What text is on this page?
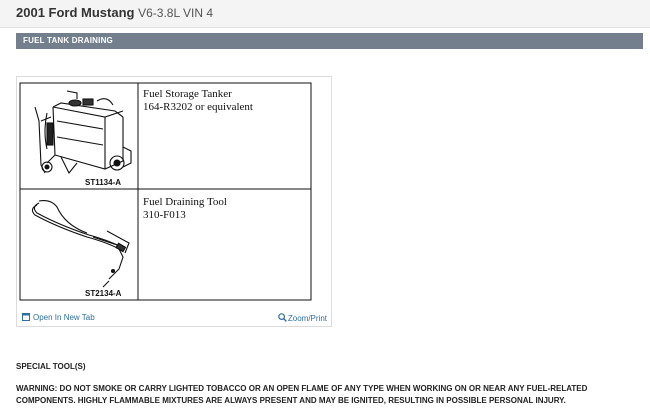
2001 Ford Mustang V6-3.8L VIN 4
FUEL TANK DRAINING
ST1134-A
ST2134-A
Fuel Storage Tanker
164-R3202 or equivalent
Fuel Draining Tool
310-F013
Open In New Tab	Zoom/Print
SPECIAL TOOL(S)
WARNING: DO NOT SMOKE OR CARRY LIGHTED TOBACCO OR AN OPEN FLAME OF ANY TYPE WHEN WORKING ON OR NEAR ANY FUEL-RELATED COMPONENTS. HIGHLY FLAMMABLE MIXTURES ARE ALWAYS PRESENT AND MAY BE IGNITED, RESULTING IN POSSIBLE PERSONAL INJURY.
